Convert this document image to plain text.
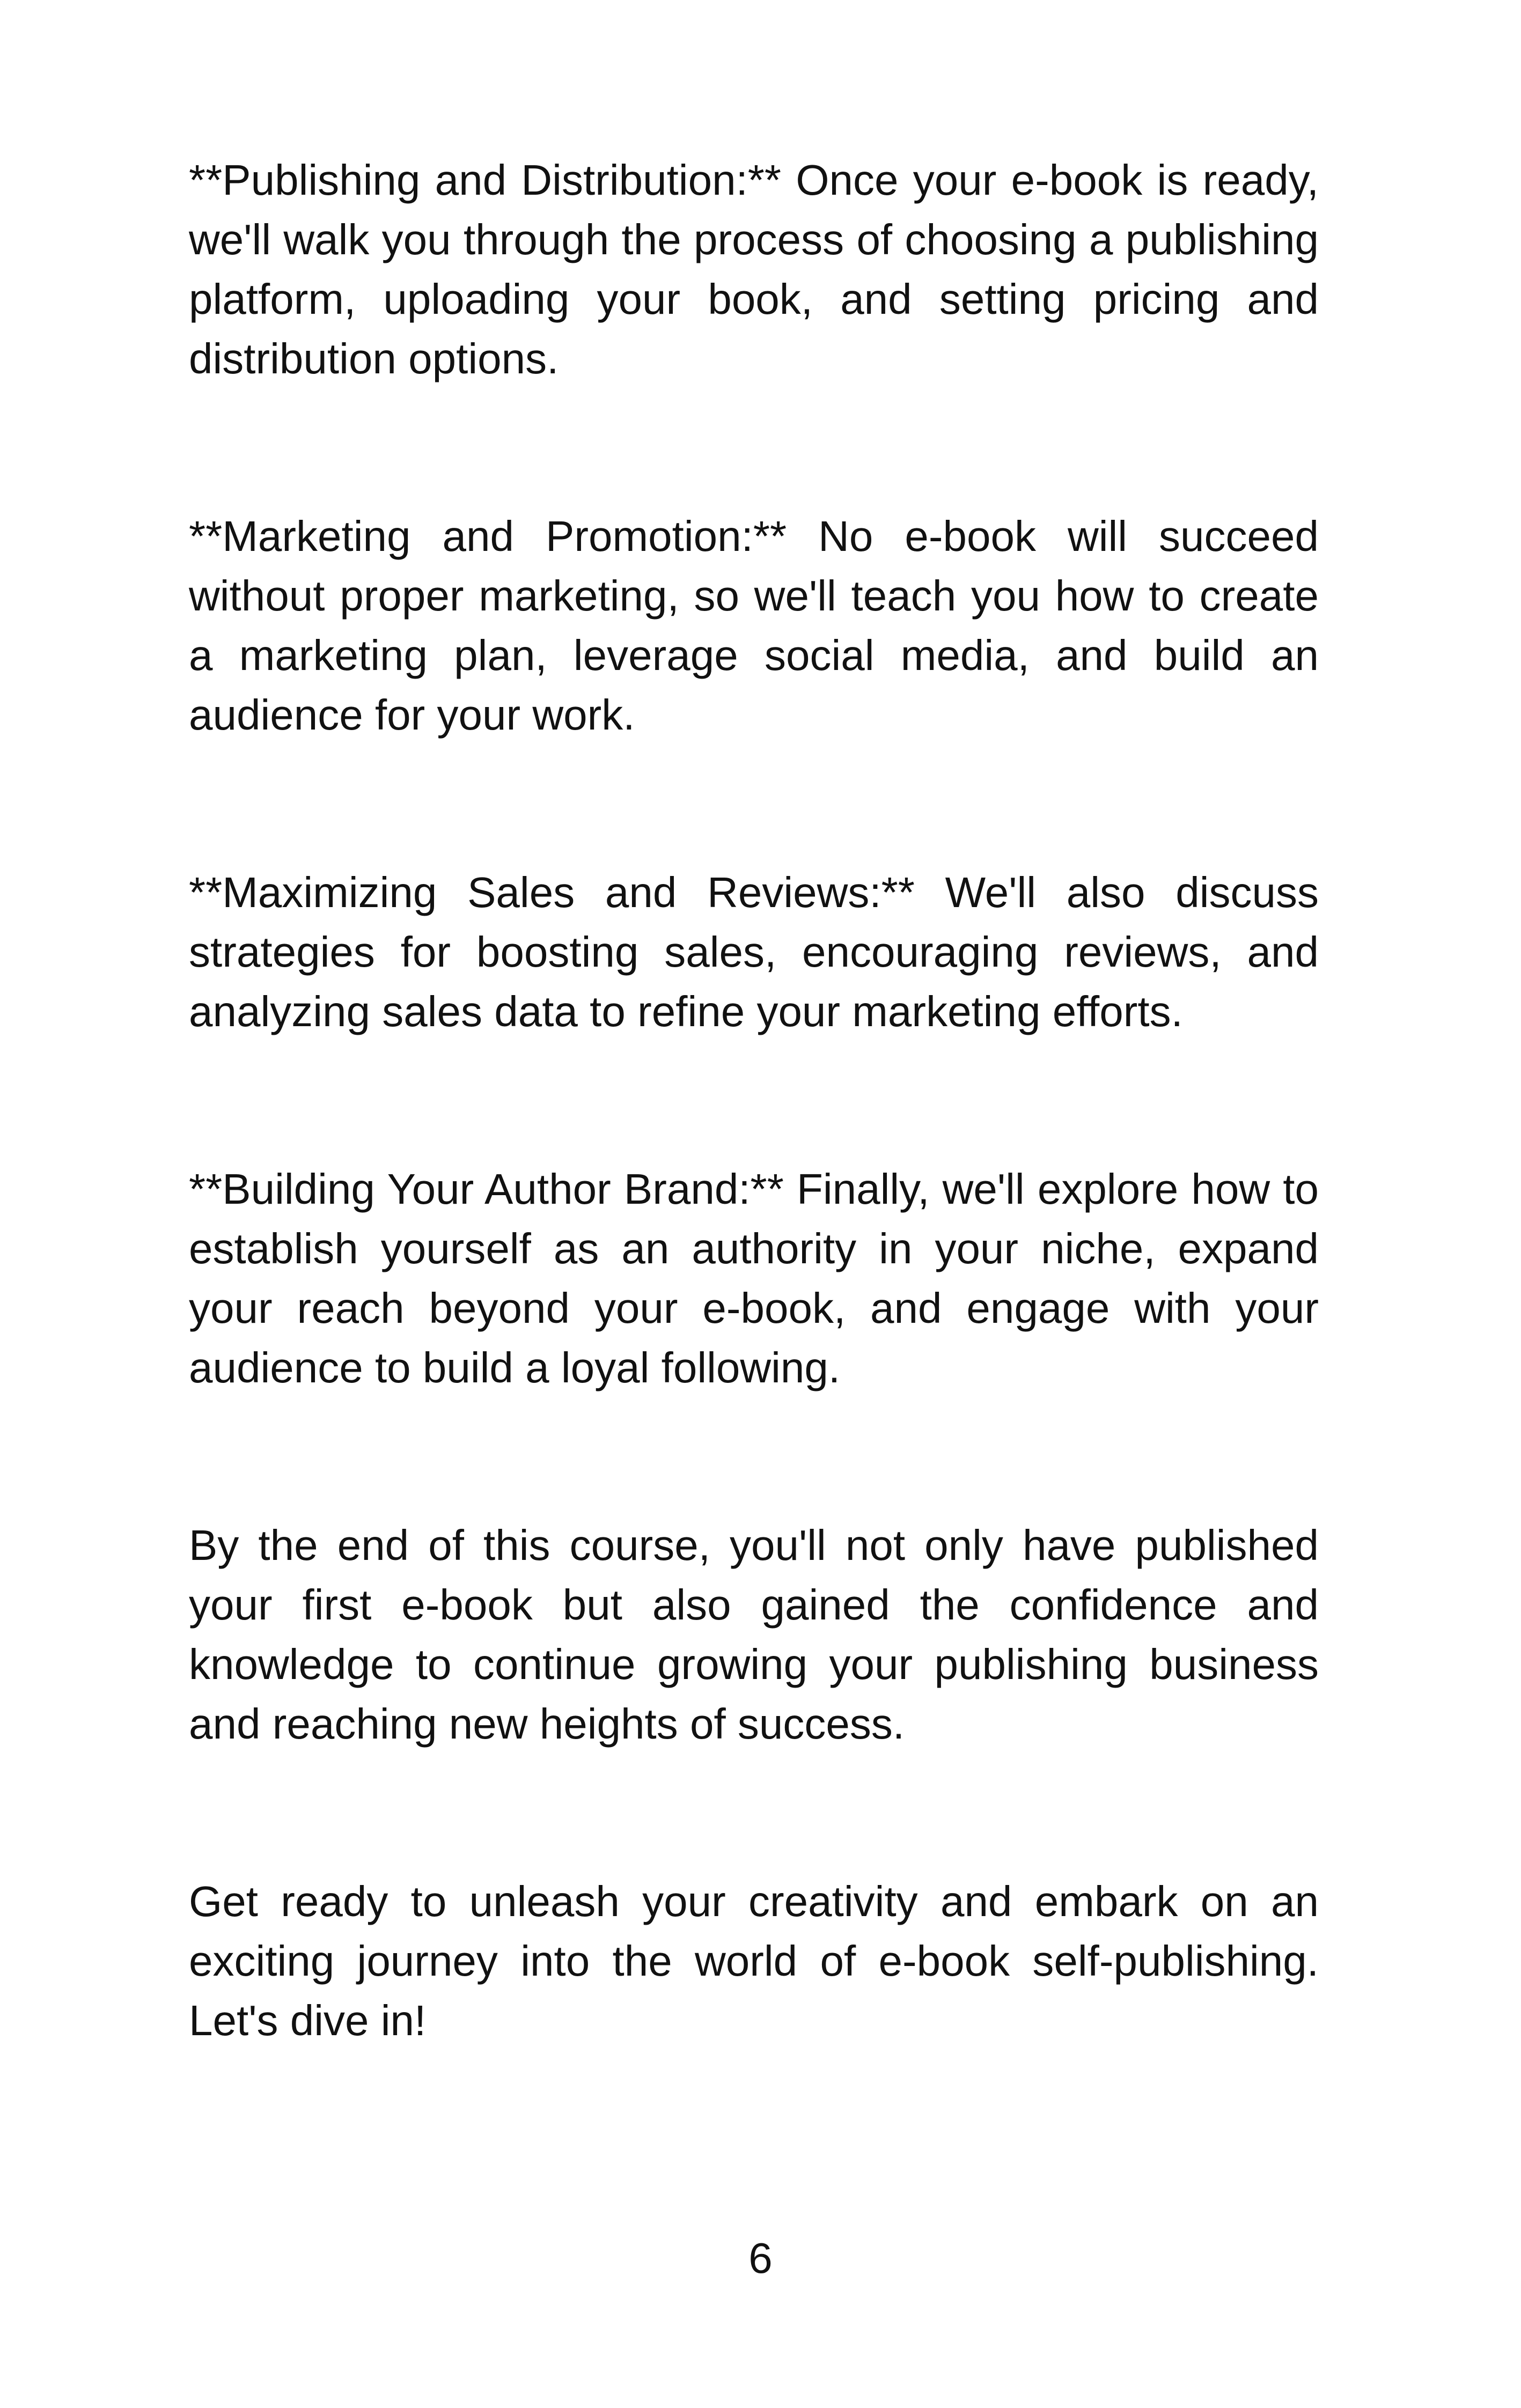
**Publishing and Distribution:** Once your e-book is ready, we'll walk you through the process of choosing a publishing platform, uploading your book, and setting pricing and distribution options.

**Marketing and Promotion:** No e-book will succeed without proper marketing, so we'll teach you how to create a marketing plan, leverage social media, and build an audience for your work.

**Maximizing Sales and Reviews:** We'll also discuss strategies for boosting sales, encouraging reviews, and analyzing sales data to refine your marketing efforts.

**Building Your Author Brand:** Finally, we'll explore how to establish yourself as an authority in your niche, expand your reach beyond your e-book, and engage with your audience to build a loyal following.

By the end of this course, you'll not only have published your first e-book but also gained the confidence and knowledge to continue growing your publishing business and reaching new heights of success.

Get ready to unleash your creativity and embark on an exciting journey into the world of e-book self-publishing. Let's dive in!

6
